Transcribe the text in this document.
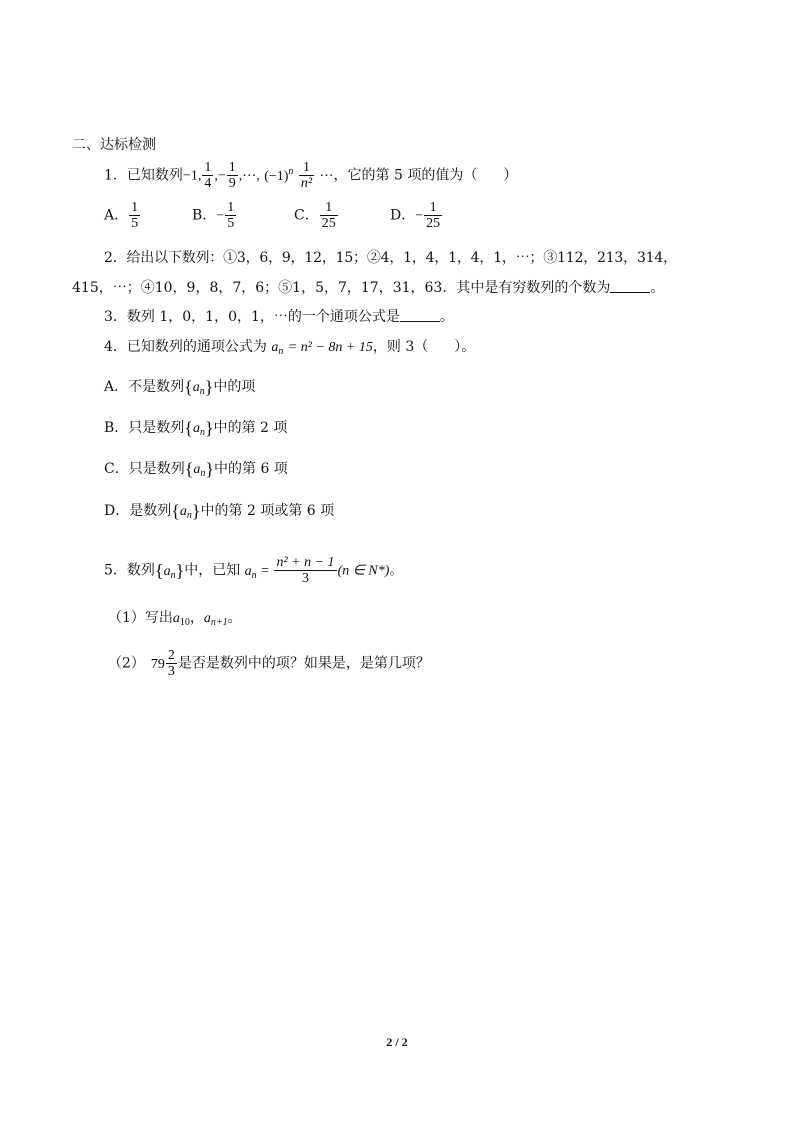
二、达标检测
1．已知数列−1, $\frac{1}{4}$ ,− $\frac{1}{9}$ ,⋯, $(-1)^n \frac{1}{\text{n²}}$ ⋯，它的第 5 项的值为（ ）
A． $\frac{1}{5}$	B．− $\frac{1}{5}$	C． $\frac{1}{25}$	D．− $\frac{1}{25}$
2．给出以下数列：①3，6，9，12，15；②4，1，4，1，4，1，⋯；③112，213，314，
415，⋯；④10，9，8，7，6；⑤1，5，7，17，31，63．其中是有穷数列的个数为	。
3．数列 1，0，1，0，1，⋯的一个通项公式是	。
4．已知数列的通项公式为 $a_n = n^2 - 8n + 15$，则 3（ ）。
A．不是数列$\{a_n\}$中的项
B．只是数列$\{a_n\}$中的第 2 项
C．只是数列$\{a_n\}$中的第 6 项
D．是数列$\{a_n\}$中的第 2 项或第 6 项
5．数列$\{a_n\}$中，已知 $a_n = \frac{\text{n² + n − 1}}{3} (n$ ∈ N*)。
（1）写出$a_{10}$，$a_{n+1}$。
（2） $79 \frac{2}{3}$ 是否是数列中的项？如果是，是第几项？
2 / 2
